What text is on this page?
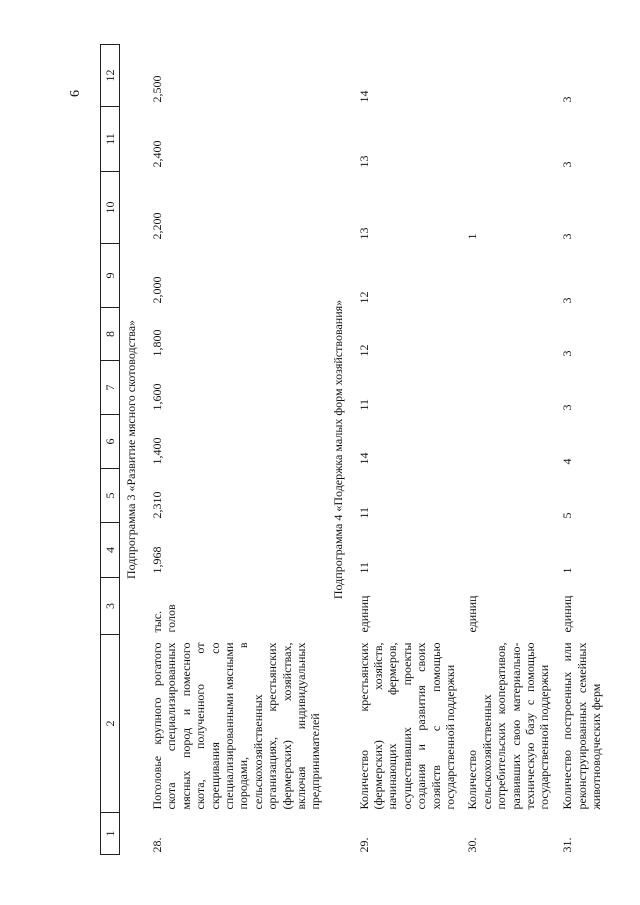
6
1	2	3	4	5	6	7	8	9	10	11	12
Подпрограмма 3 «Развитие мясного скотоводства»											
28.	Поголовье крупного рогатого скота специализированных мясных пород и помесного скота, полученного от скрещивания со специализированными мясными породами, в сельскохозяйственных организациях, крестьянских (фермерских) хозяйствах, включая индивидуальных предпринимателей	тыс. голов	1,968	2,310	1,400	1,600	1,800	2,000	2,200	2,400	2,500
Подпрограмма 4 «Подержка малых форм хозяйствования»											
29.	Количество крестьянских (фермерских) хозяйств, начинающих фермеров, осуществивших проекты создания и развития своих хозяйств с помощью государственной поддержки	единиц	11	11	14	11	12	12	13	13	14
30.	Количество сельскохозяйственных потребительских кооперативов, развивших свою материально-техническую базу с помощью государственной поддержки	единиц							1		
31.	Количество построенных или реконструированных семейных животноводческих ферм	единиц	1	5	4	3	3	3	3	3	3
